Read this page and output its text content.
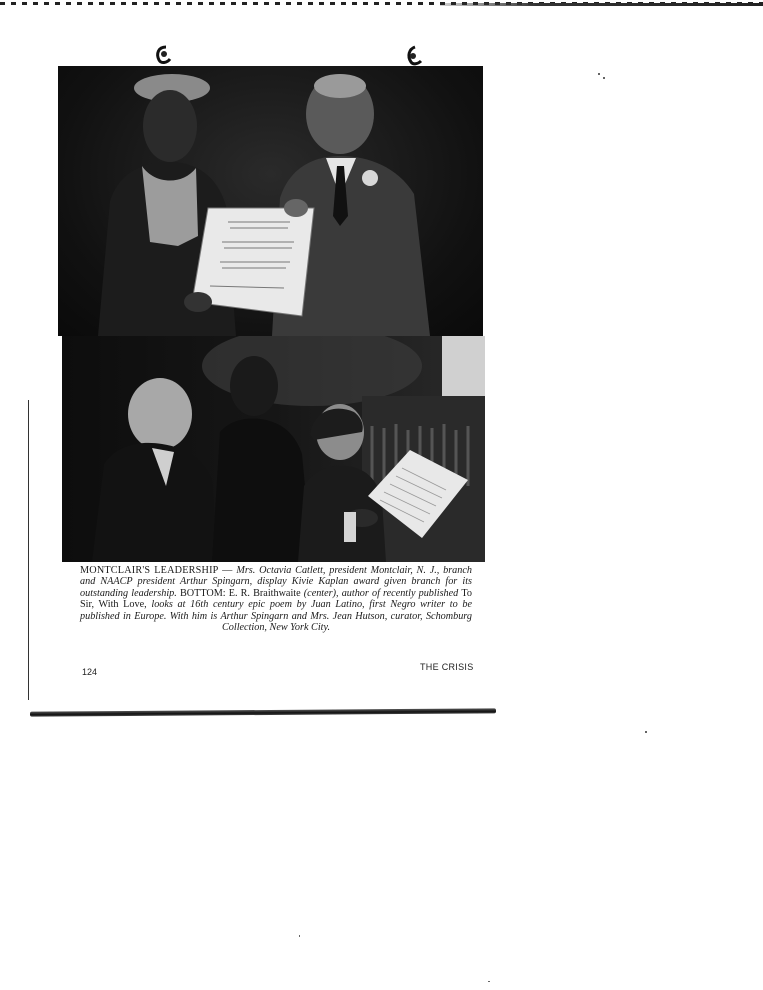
MONTCLAIR'S LEADERSHIP — Mrs. Octavia Catlett, president Montclair, N. J., branch and NAACP president Arthur Spingarn, display Kivie Kaplan award given branch for its outstanding leadership. BOTTOM: E. R. Braithwaite (center), author of recently published To Sir, With Love, looks at 16th century epic poem by Juan Latino, first Negro writer to be published in Europe. With him is Arthur Spingarn and Mrs. Jean Hutson, curator, Schomburg Collection, New York City.
124	THE CRISIS
